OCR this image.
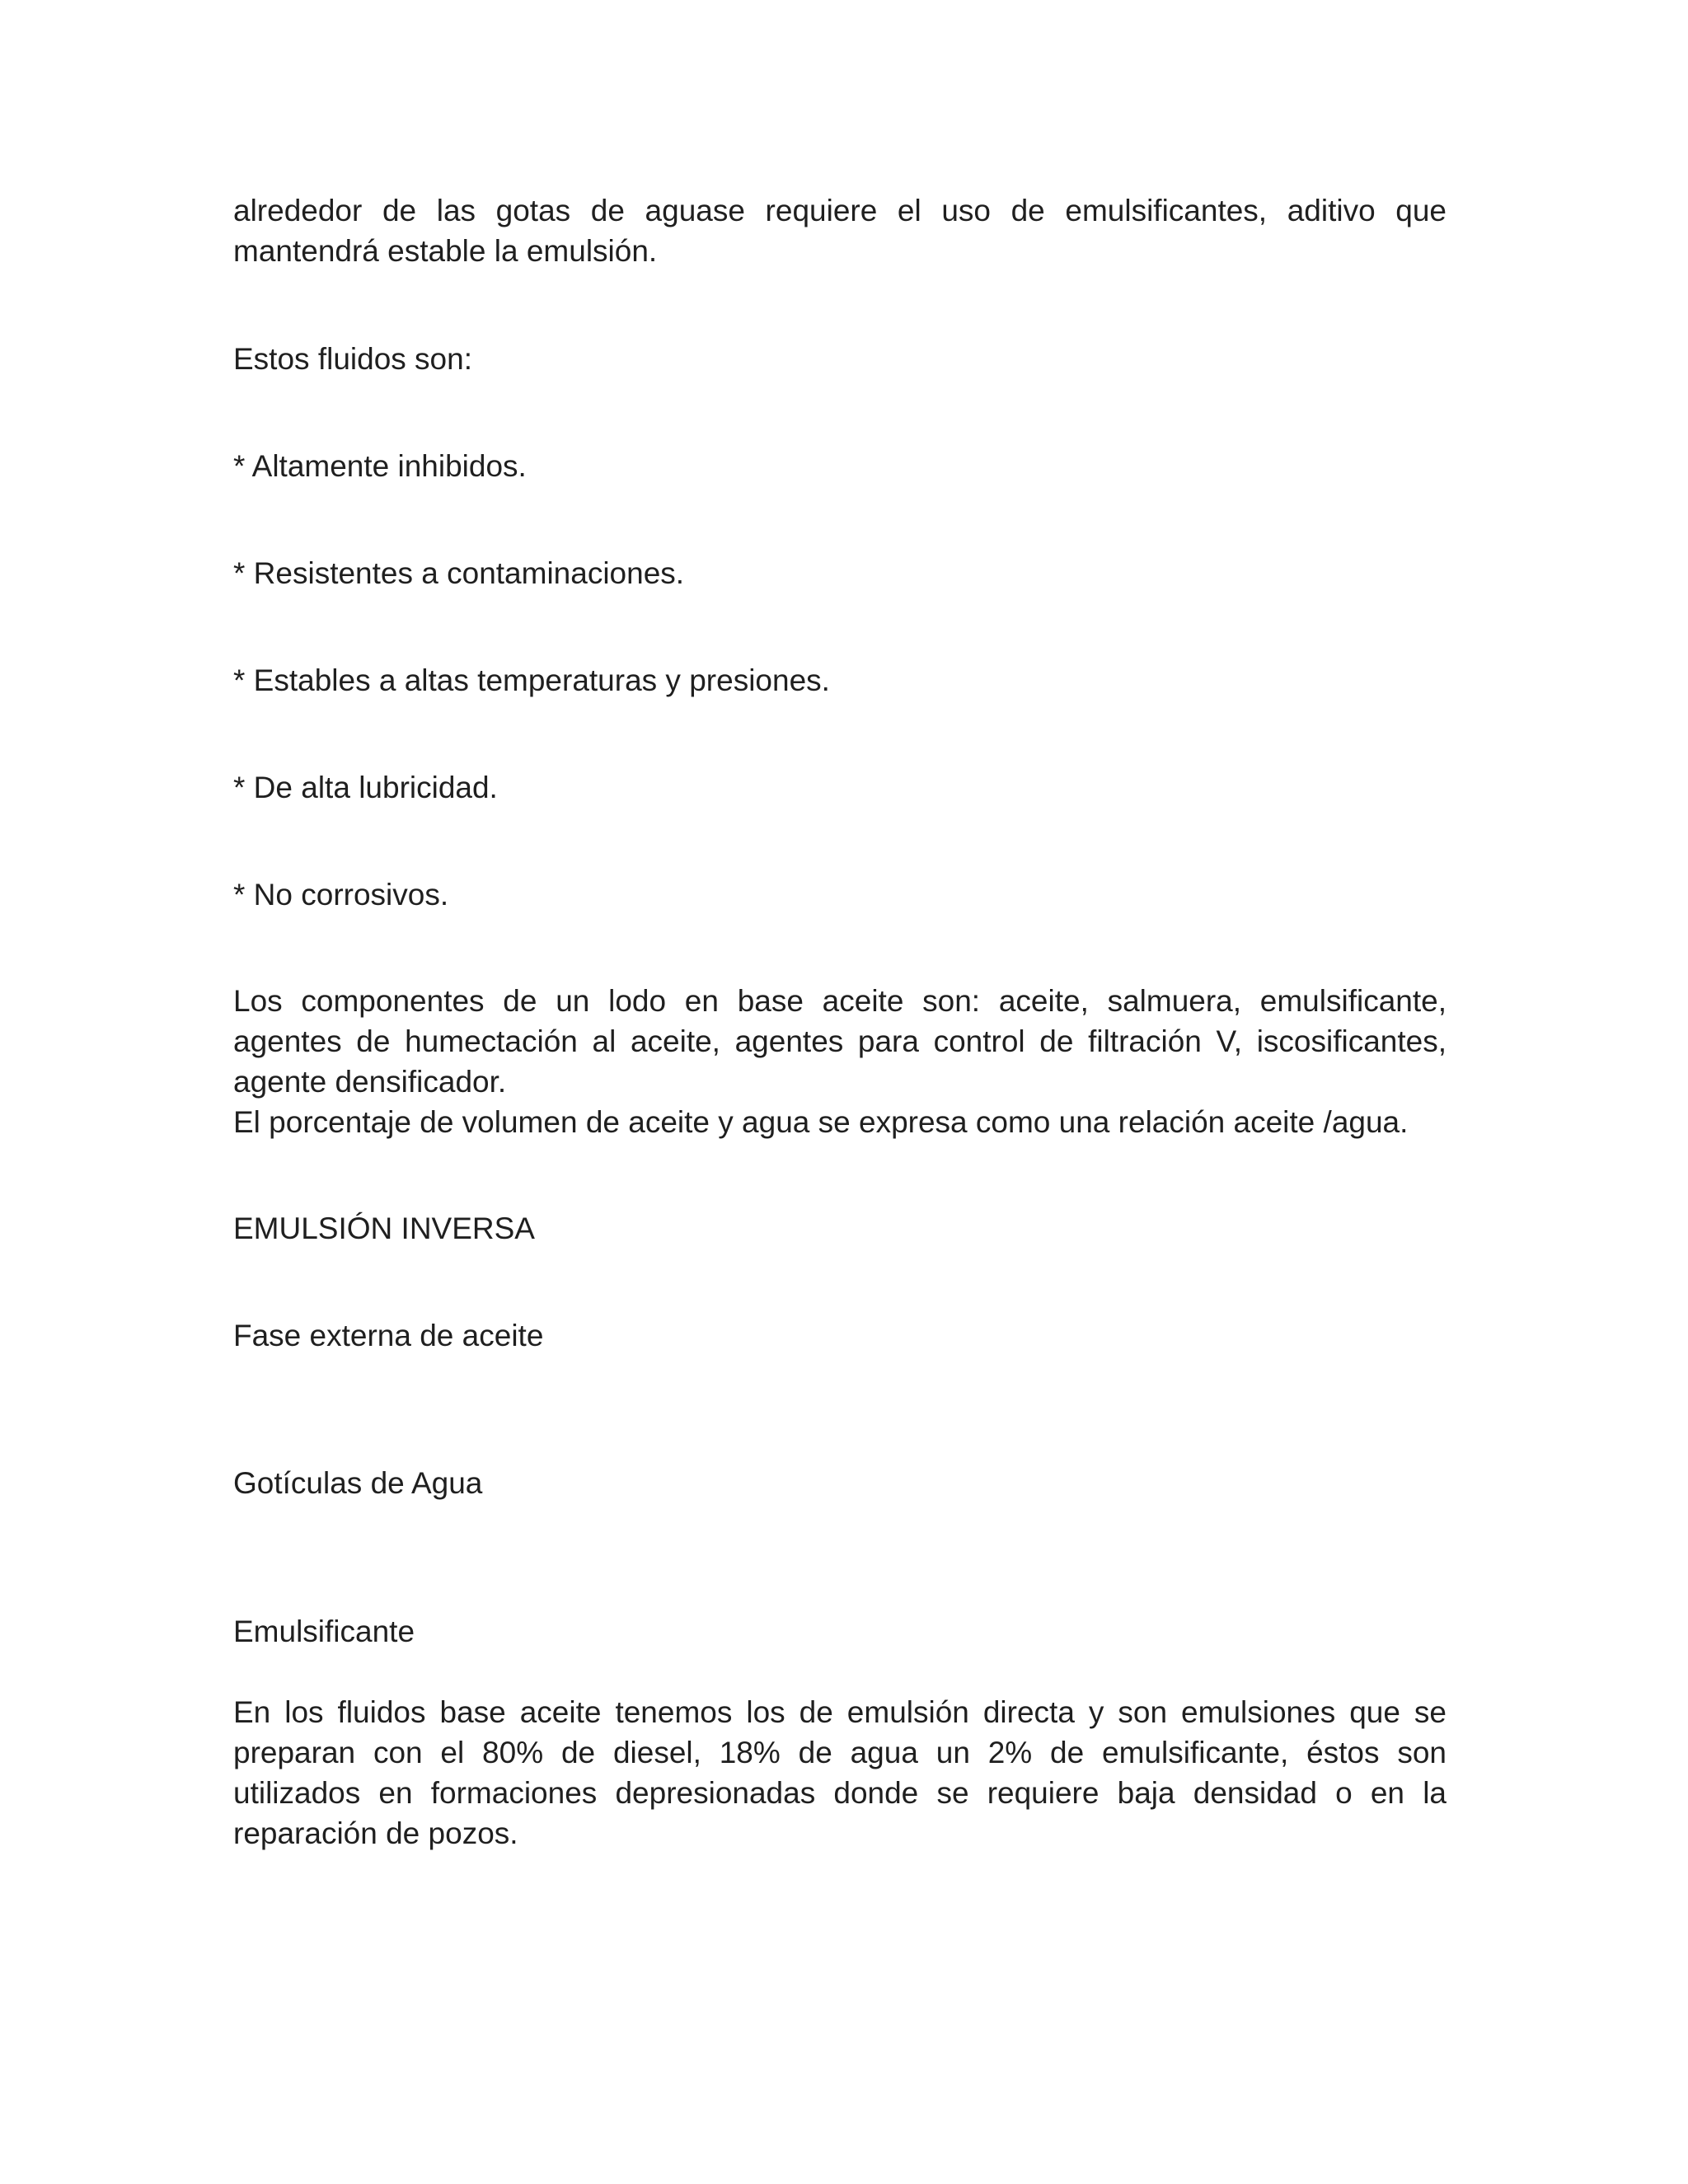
alrededor de las gotas de aguase requiere el uso de emulsificantes, aditivo que mantendrá estable la emulsión.

Estos fluidos son:

* Altamente inhibidos.

* Resistentes a contaminaciones.

* Estables a altas temperaturas y presiones.

* De alta lubricidad.

* No corrosivos.

Los componentes de un lodo en base aceite son: aceite, salmuera, emulsificante, agentes de humectación al aceite, agentes para control de filtración V, iscosificantes, agente densificador.

El porcentaje de volumen de aceite y agua se expresa como una relación aceite /agua.

EMULSIÓN INVERSA

Fase externa de aceite

Gotículas de Agua

Emulsificante

En los fluidos base aceite tenemos los de emulsión directa y son emulsiones que se preparan con el 80% de diesel, 18% de agua un 2% de emulsificante, éstos son utilizados en formaciones depresionadas donde se requiere baja densidad o en la reparación de pozos.
